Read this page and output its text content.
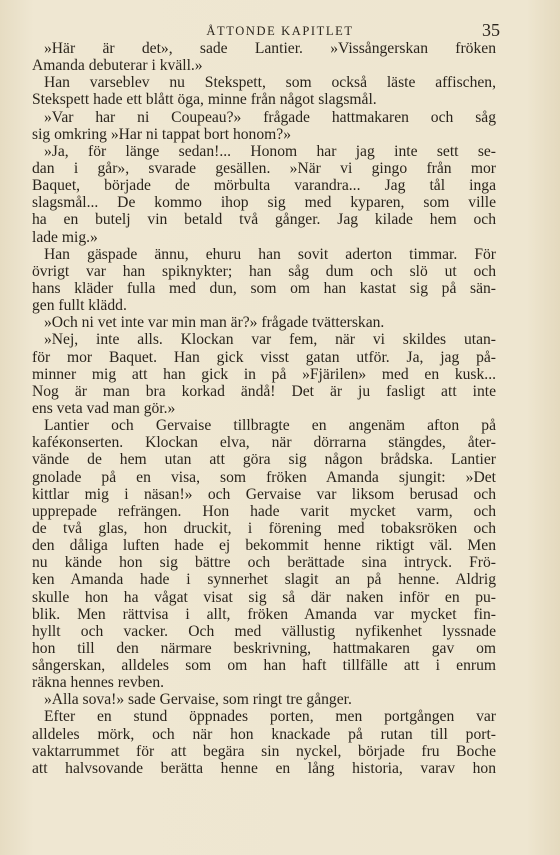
ÅTTONDE KAPITLET	35
»Här är det», sade Lantier. »Vissångerskan fröken
Amanda debuterar i kväll.»
Han varseblev nu Stekspett, som också läste affischen,
Stekspett hade ett blått öga, minne från något slagsmål.
»Var har ni Coupeau?» frågade hattmakaren och såg
sig omkring »Har ni tappat bort honom?»
»Ja, för länge sedan!... Honom har jag inte sett se-
dan i går», svarade gesällen. »När vi gingo från mor
Baquet, började de mörbulta varandra... Jag tål inga
slagsmål... De kommo ihop sig med kyparen, som ville
ha en butelj vin betald två gånger. Jag kilade hem och
lade mig.»
Han gäspade ännu, ehuru han sovit aderton timmar. För
övrigt var han spiknykter; han såg dum och slö ut och
hans kläder fulla med dun, som om han kastat sig på sän-
gen fullt klädd.
»Och ni vet inte var min man är?» frågade tvätterskan.
»Nej, inte alls. Klockan var fem, när vi skildes utan-
för mor Baquet. Han gick visst gatan utför. Ja, jag på-
minner mig att han gick in på »Fjärilen» med en kusk...
Nog är man bra korkad ändå! Det är ju fasligt att inte
ens veta vad man gör.»
Lantier och Gervaise tillbragte en angenäm afton på
kaféкonserten. Klockan elva, när dörrarna stängdes, åter-
vände de hem utan att göra sig någon brådska. Lantier
gnolade på en visa, som fröken Amanda sjungit: »Det
kittlar mig i näsan!» och Gervaise var liksom berusad och
upprepade refrängen. Hon hade varit mycket varm, och
de två glas, hon druckit, i förening med tobaksröken och
den dåliga luften hade ej bekommit henne riktigt väl. Men
nu kände hon sig bättre och berättade sina intryck. Frö-
ken Amanda hade i synnerhet slagit an på henne. Aldrig
skulle hon ha vågat visat sig så där naken inför en pu-
blik. Men rättvisa i allt, fröken Amanda var mycket fin-
hyllt och vacker. Och med vällustig nyfikenhet lyssnade
hon till den närmare beskrivning, hattmakaren gav om
sångerskan, alldeles som om han haft tillfälle att i enrum
räkna hennes revben.
»Alla sova!» sade Gervaise, som ringt tre gånger.
Efter en stund öppnades porten, men portgången var
alldeles mörk, och när hon knackade på rutan till port-
vaktarrummet för att begära sin nyckel, började fru Boche
att halvsovande berätta henne en lång historia, varav hon
